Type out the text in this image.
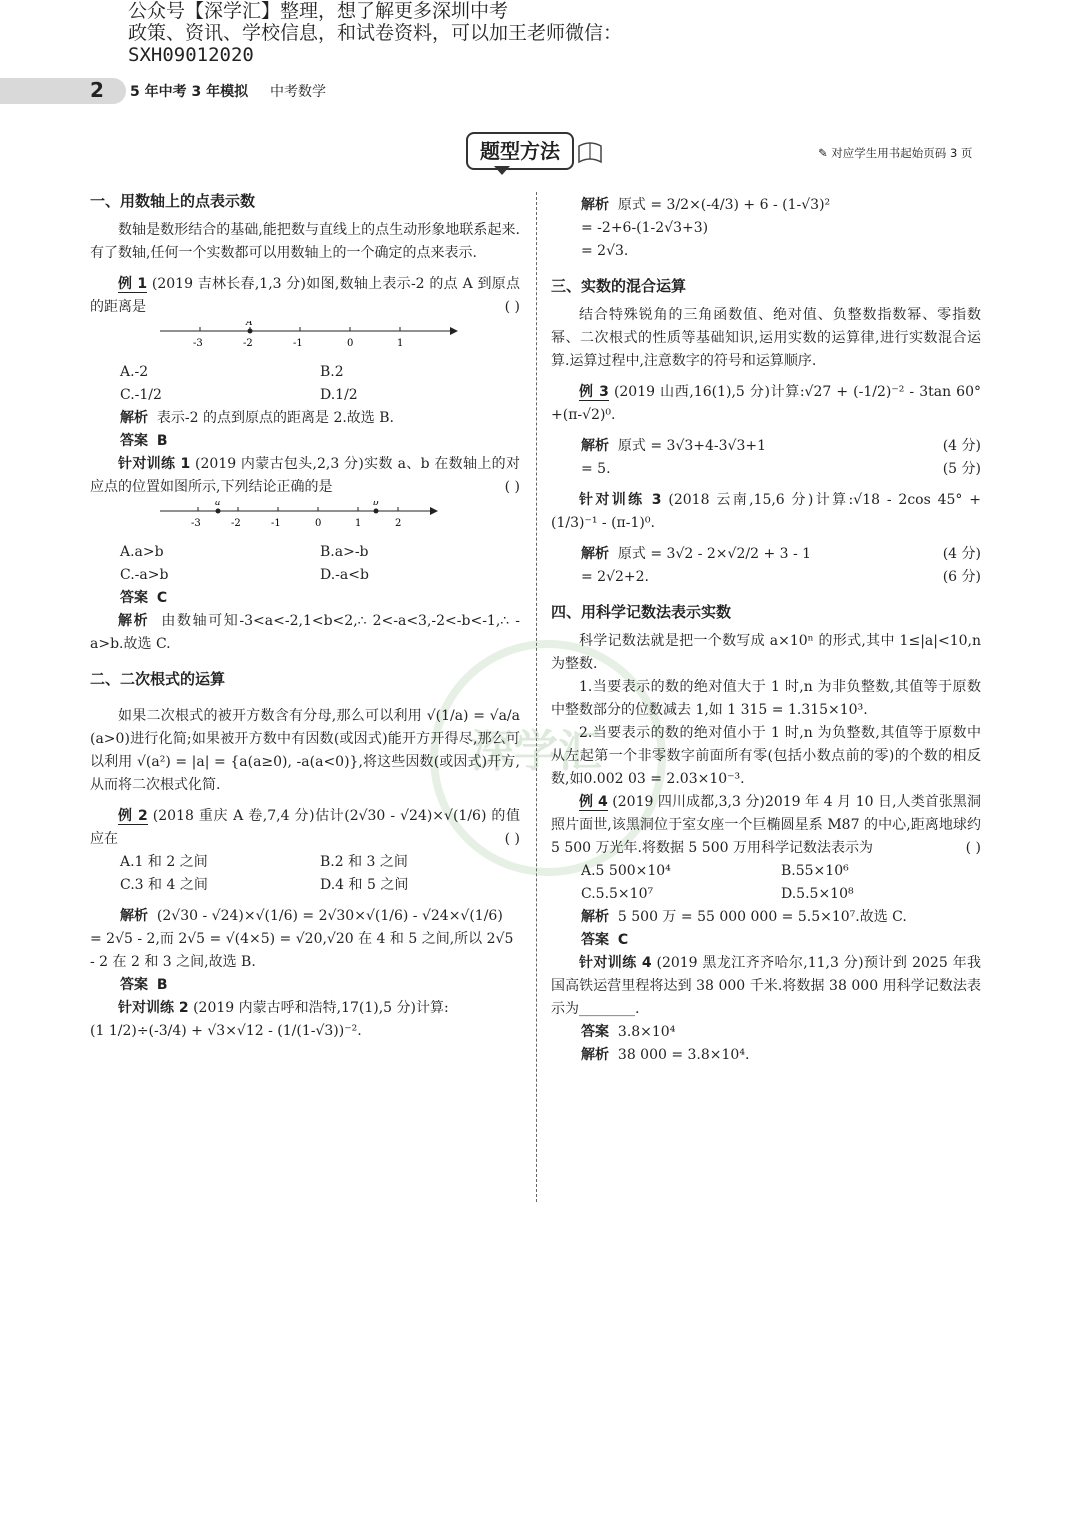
公众号【深学汇】整理，想了解更多深圳中考
政策、资讯、学校信息，和试卷资料，可以加王老师微信：
SXH09012020
2 5 年中考 3 年模拟 中考数学
题型方法	✎ 对应学生用书起始页码 3 页
深学汇
一、用数轴上的点表示数

数轴是数形结合的基础,能把数与直线上的点生动形象地联系起来.有了数轴,任何一个实数都可以用数轴上的一个确定的点来表示.

例 1 (2019 吉林长春,1,3 分)如图,数轴上表示-2 的点 A 到原点的距离是	( )

A
-3	-2	-1	0	1
A.-2	B.2
C.-1/2	D.1/2

解析 表示-2 的点到原点的距离是 2.故选 B.

答案 B

针对训练 1 (2019 内蒙古包头,2,3 分)实数 a、b 在数轴上的对应点的位置如图所示,下列结论正确的是	( )

a	b
-3	-2	-1	0	1	2
A.a>b	B.a>-b
C.-a>b	D.-a<b

答案 C

解析 由数轴可知-3<a<-2,1<b<2,∴ 2<-a<3,-2<-b<-1,∴ -a>b.故选 C.

二、二次根式的运算

如果二次根式的被开方数含有分母,那么可以利用 √(1/a) = √a/a (a>0)进行化简;如果被开方数中有因数(或因式)能开方开得尽,那么可以利用 √(a²) = |a| = {a(a≥0), -a(a<0)},将这些因数(或因式)开方,从而将二次根式化简.

例 2 (2018 重庆 A 卷,7,4 分)估计(2√30 - √24)×√(1/6) 的值应在	( )

A.1 和 2 之间	B.2 和 3 之间
C.3 和 4 之间	D.4 和 5 之间

解析 (2√30 - √24)×√(1/6) = 2√30×√(1/6) - √24×√(1/6)

= 2√5 - 2,而 2√5 = √(4×5) = √20,√20 在 4 和 5 之间,所以 2√5 - 2 在 2 和 3 之间,故选 B.

答案 B

针对训练 2 (2019 内蒙古呼和浩特,17(1),5 分)计算:

(1 1/2)÷(-3/4) + √3×√12 - (1/(1-√3))⁻².

解析 原式 = 3/2×(-4/3) + 6 - (1-√3)²

= -2+6-(1-2√3+3)

= 2√3.

三、实数的混合运算

结合特殊锐角的三角函数值、绝对值、负整数指数幂、零指数幂、二次根式的性质等基础知识,运用实数的运算律,进行实数混合运算.运算过程中,注意数字的符号和运算顺序.

例 3 (2019 山西,16(1),5 分)计算:√27 + (-1/2)⁻² - 3tan 60°+(π-√2)⁰.

解析 原式 = 3√3+4-3√3+1	(4 分)

= 5.	(5 分)

针对训练 3 (2018 云南,15,6 分)计算:√18 - 2cos 45° + (1/3)⁻¹ - (π-1)⁰.

解析 原式 = 3√2 - 2×√2/2 + 3 - 1	(4 分)

= 2√2+2.	(6 分)

四、用科学记数法表示实数

科学记数法就是把一个数写成 a×10ⁿ 的形式,其中 1≤|a|<10,n 为整数.

1.当要表示的数的绝对值大于 1 时,n 为非负整数,其值等于原数中整数部分的位数减去 1,如 1 315 = 1.315×10³.

2.当要表示的数的绝对值小于 1 时,n 为负整数,其值等于原数中从左起第一个非零数字前面所有零(包括小数点前的零)的个数的相反数,如0.002 03 = 2.03×10⁻³.

例 4 (2019 四川成都,3,3 分)2019 年 4 月 10 日,人类首张黑洞照片面世,该黑洞位于室女座一个巨椭圆星系 M87 的中心,距离地球约 5 500 万光年.将数据 5 500 万用科学记数法表示为	( )

A.5 500×10⁴	B.55×10⁶
C.5.5×10⁷	D.5.5×10⁸

解析 5 500 万 = 55 000 000 = 5.5×10⁷.故选 C.

答案 C

针对训练 4 (2019 黑龙江齐齐哈尔,11,3 分)预计到 2025 年我国高铁运营里程将达到 38 000 千米.将数据 38 000 用科学记数法表示为________.

答案 3.8×10⁴

解析 38 000 = 3.8×10⁴.
